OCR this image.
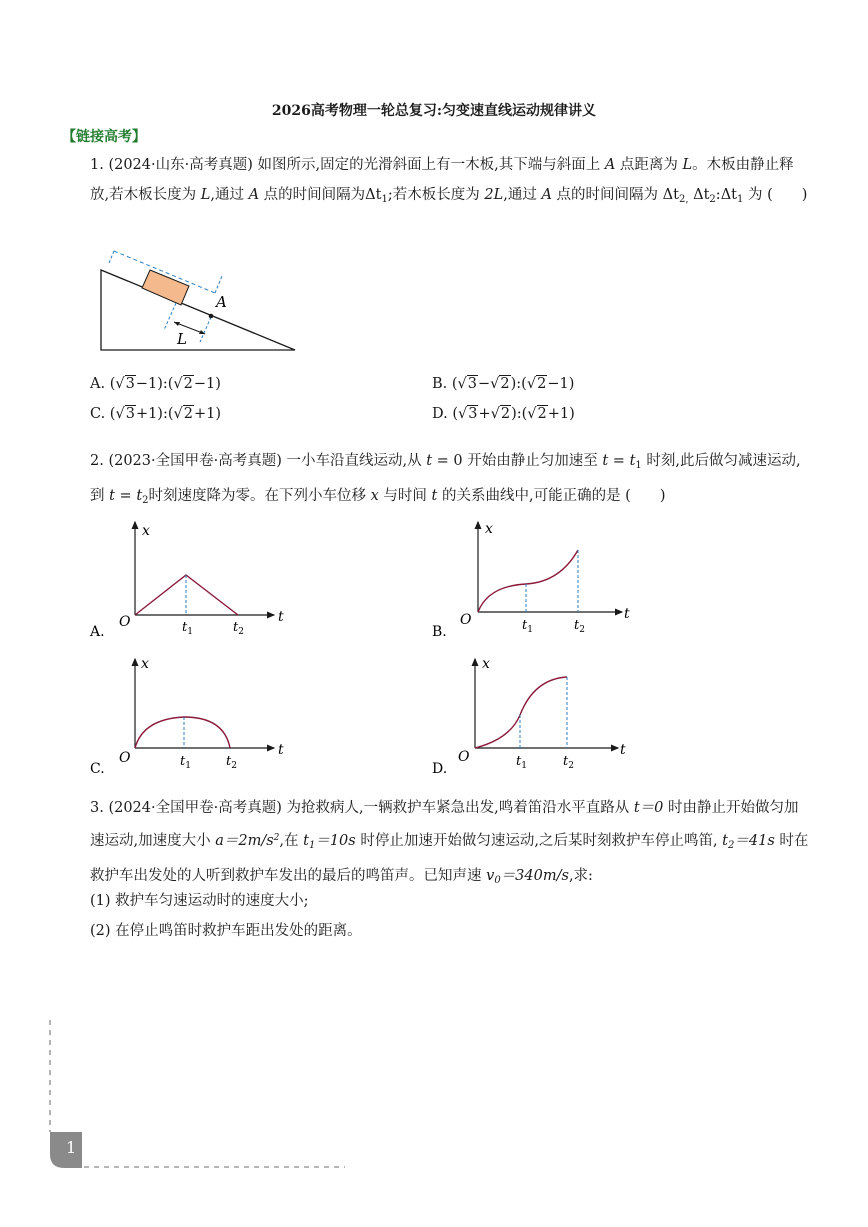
2026高考物理一轮总复习:匀变速直线运动规律讲义
【链接高考】
1. (2024·山东·高考真题) 如图所示,固定的光滑斜面上有一木板,其下端与斜面上 A 点距离为 L。木板由静止释放,若木板长度为 L,通过 A 点的时间间隔为$\Delta t_1$;若木板长度为 2L,通过 A 点的时间间隔为 $\Delta t_{2,}$ $\Delta t_2:\Delta t_1$ 为 (　　)
A
L
A. (√3−1):(√2−1)	B. (√3−√2):(√2−1)
C. (√3+1):(√2+1)	D. (√3+√2):(√2+1)
2. (2023·全国甲卷·高考真题) 一小车沿直线运动,从 t = 0 开始由静止匀加速至 $t = t_1$ 时刻,此后做匀减速运动,到 $t = t_2$时刻速度降为零。在下列小车位移 x 与时间 t 的关系曲线中,可能正确的是 (　　)
x
t
O	$t_1$	$t_2$
A.
x
t
O	$t_1$	$t_2$
B.
x
t
O	$t_1$	$t_2$
C.
x
t
O	$t_1$	$t_2$
D.
3. (2024·全国甲卷·高考真题) 为抢救病人,一辆救护车紧急出发,鸣着笛沿水平直路从 t＝0 时由静止开始做匀加速运动,加速度大小 $a=2m/s^2$,在 $t_1=10s$ 时停止加速开始做匀速运动,之后某时刻救护车停止鸣笛, $t_2=41s$ 时在救护车出发处的人听到救护车发出的最后的鸣笛声。已知声速 $v_0=340m/s$,求:
(1) 救护车匀速运动时的速度大小;
(2) 在停止鸣笛时救护车距出发处的距离。
1
